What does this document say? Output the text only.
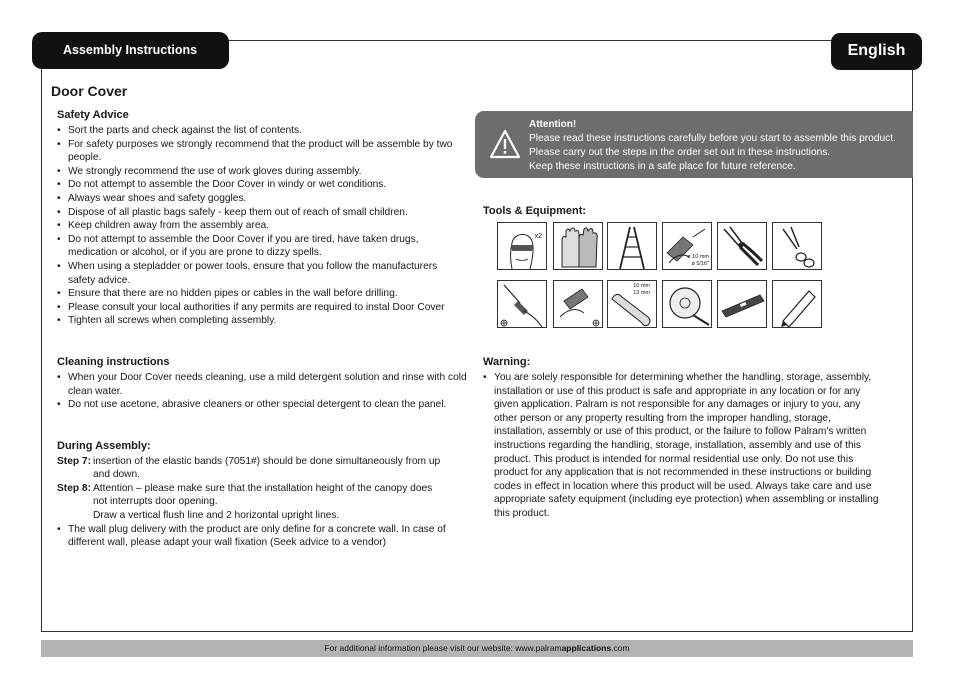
Assembly Instructions	English
Door Cover
Safety Advice
• Sort the parts and check against the list of contents.
• For safety purposes we strongly recommend that the product will be assemble by two people.
• We strongly recommend the use of work gloves during assembly.
• Do not attempt to assemble the Door Cover in windy or wet conditions.
• Always wear shoes and safety goggles.
• Dispose of all plastic bags safely - keep them out of reach of small children.
• Keep children away from the assembly area.
• Do not attempt to assemble the Door Cover if you are tired, have taken drugs, medication or alcohol, or if you are prone to dizzy spells.
• When using a stepladder or power tools, ensure that you follow the manufacturers safety advice.
• Ensure that there are no hidden pipes or cables in the wall before drilling.
• Please consult your local authorities if any permits are required to instal Door Cover
• Tighten all screws when completing assembly.
Cleaning instructions
• When your Door Cover needs cleaning, use a mild detergent solution and rinse with cold clean water.
• Do not use acetone, abrasive cleaners or other special detergent to clean the panel.
During Assembly:
Step 7: insertion of the elastic bands (7051#) should be done simultaneously from up
and down.
Step 8: Attention – please make sure that the installation height of the canopy does
not interrupts door opening.
Draw a vertical flush line and 2 horizontal upright lines.
• The wall plug delivery with the product are only define for a concrete wall. In case of different wall, please adapt your wall fixation (Seek advice to a vendor)
Attention!
Please read these instructions carefully before you start to assemble this product.
Please carry out the steps in the order set out in these instructions.
Keep these instructions in a safe place for future reference.
Tools & Equipment:
x2
ø 10 mm
ø 5/16"
10 mm
13 mm
Warning:
• You are solely responsible for determining whether the handling, storage, assembly, installation or use of this product is safe and appropriate in any location or for any given application. Palram is not responsible for any damages or injury to you, any other person or any property resulting from the improper handling, storage, installation, assembly or use of this product, or the failure to follow Palram's written instructions regarding the handling, storage, installation, assembly and use of this product. This product is intended for normal residential use only. Do not use this product for any application that is not recommended in these instructions or building codes in effect in location where this product will be used. Always take care and use appropriate safety equipment (including eye protection) when assembling or installing this product.
For additional information please visit our website: www.palramapplications.com
